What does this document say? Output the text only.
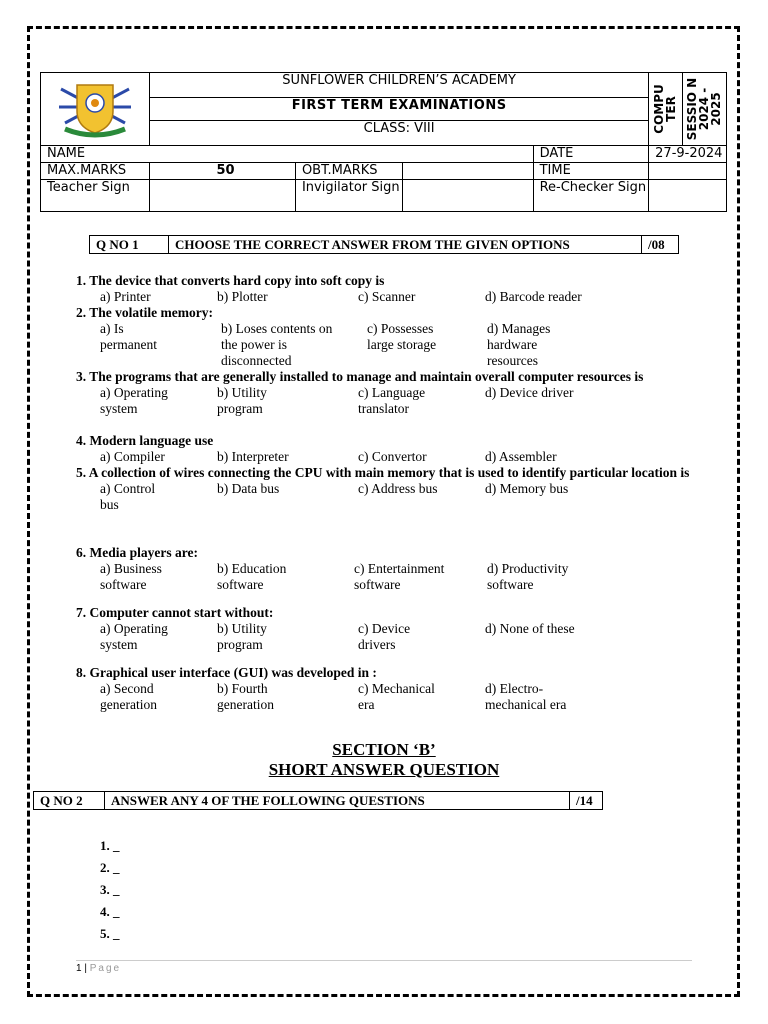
	SUNFLOWER CHILDREN’S ACADEMY				COMPU TER	SESSIO N 2024 - 2025

	FIRST TERM EXAMINATIONS					
	CLASS: VIII					
NAME				DATE	27-9-2024	
MAX.MARKS	50	OBT.MARKS		TIME		
Teacher Sign		Invigilator Sign		Re-Checker Sign		
Q NO 1	CHOOSE THE CORRECT ANSWER FROM THE GIVEN OPTIONS	/08
1. The device that converts hard copy into soft copy is
a) Printer	b) Plotter	c) Scanner	d) Barcode reader
2. The volatile memory:
a) Is permanent
b) Loses contents on the power is disconnected
c) Possesses large storage
d) Manages hardware resources
3. The programs that are generally installed to manage and maintain overall computer resources is
a) Operating system
b) Utility program
c) Language translator
d) Device driver
4. Modern language use
a) Compiler	b) Interpreter	c) Convertor	d) Assembler
5. A collection of wires connecting the CPU with main memory that is used to identify particular location is
a) Control bus
b) Data bus	c) Address bus	d) Memory bus
6. Media players are:
a) Business software
b) Education software
c) Entertainment software
d) Productivity software
7. Computer cannot start without:
a) Operating system
b) Utility program
c) Device drivers
d) None of these
8. Graphical user interface (GUI) was developed in :
a) Second generation
b) Fourth generation
c) Mechanical era
d) Electro-mechanical era
SECTION ‘B’
SHORT ANSWER QUESTION
Q NO 2	ANSWER ANY 4 OF THE FOLLOWING QUESTIONS	/14
1. _
2. _
3. _
4. _
5. _
1 | Page
